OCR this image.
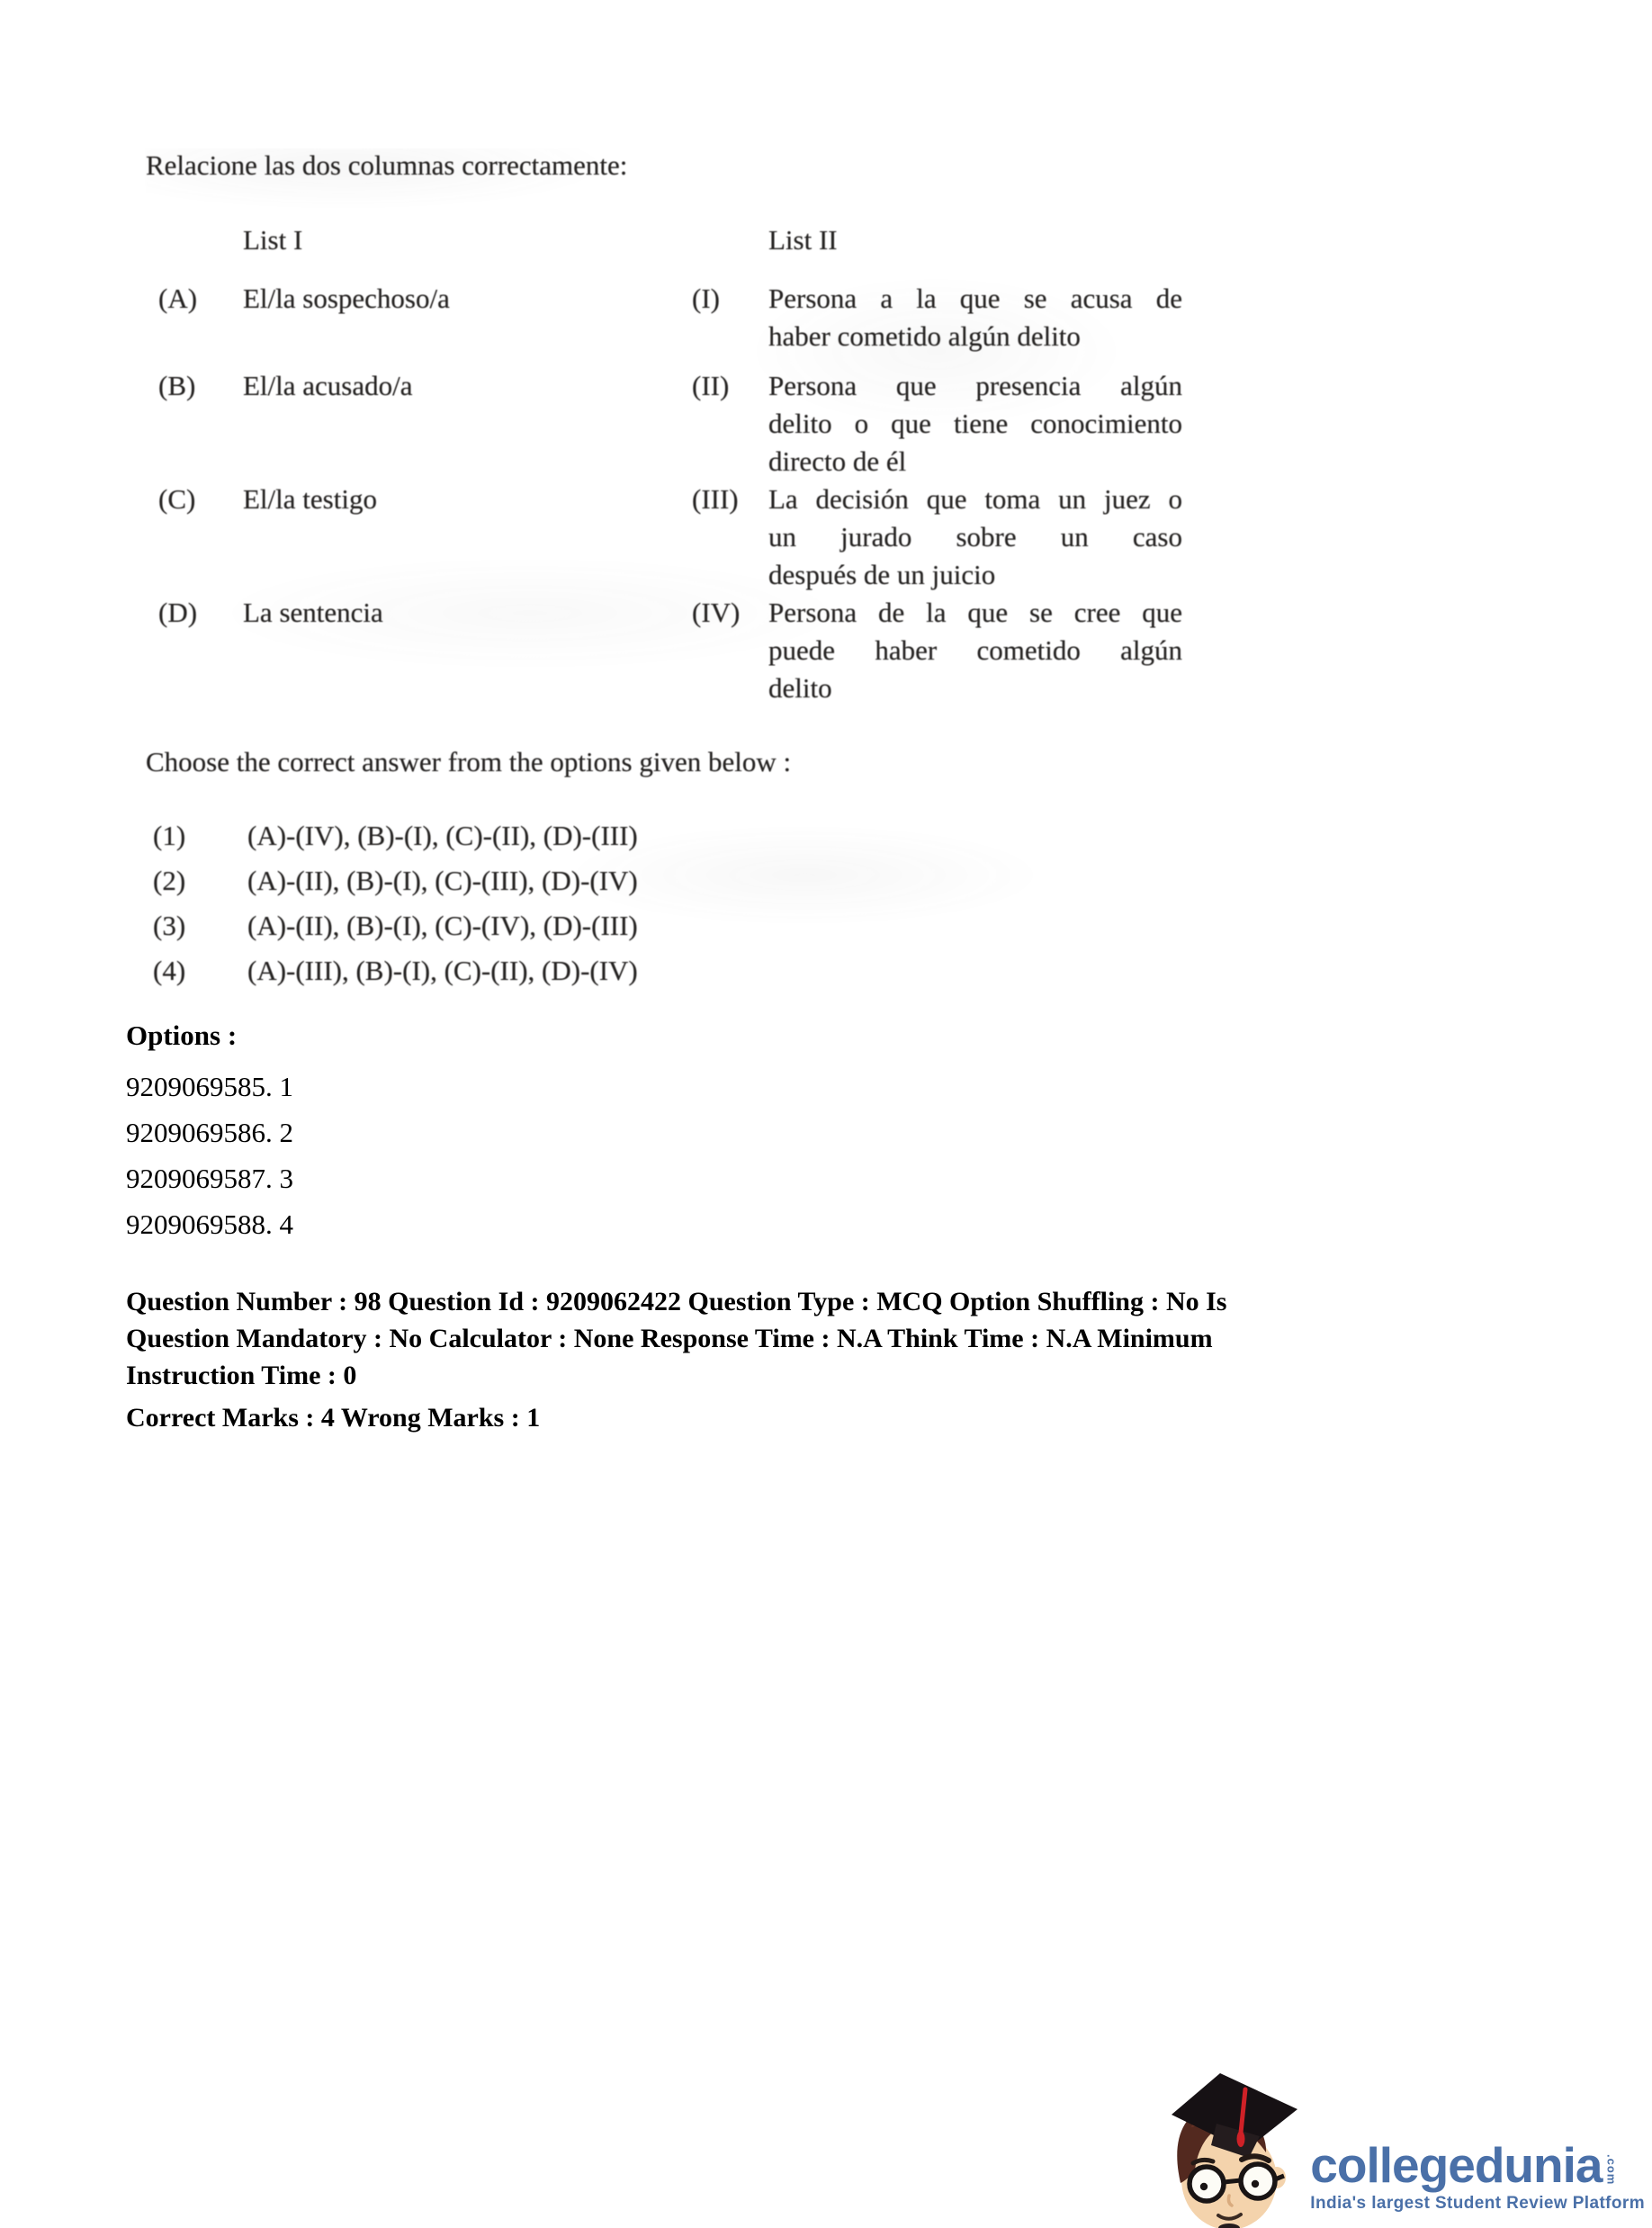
Relacione las dos columnas correctamente:
List I	List II
(A)	El/la sospechoso/a	(I)	Persona a la que se acusa de
haber cometido algún delito
(B)	El/la acusado/a	(II)	Persona que presencia algún
delito o que tiene conocimiento
directo de él
(C)	El/la testigo	(III)	La decisión que toma un juez o
un jurado sobre un caso
después de un juicio
(D)	La sentencia	(IV)	Persona de la que se cree que
puede haber cometido algún
delito
Choose the correct answer from the options given below :
(1)	(A)-(IV), (B)-(I), (C)-(II), (D)-(III)
(2)	(A)-(II), (B)-(I), (C)-(III), (D)-(IV)
(3)	(A)-(II), (B)-(I), (C)-(IV), (D)-(III)
(4)	(A)-(III), (B)-(I), (C)-(II), (D)-(IV)
Options :
9209069585. 1
9209069586. 2
9209069587. 3
9209069588. 4
Question Number : 98 Question Id : 9209062422 Question Type : MCQ Option Shuffling : No Is
Question Mandatory : No Calculator : None Response Time : N.A Think Time : N.A Minimum
Instruction Time : 0
Correct Marks : 4 Wrong Marks : 1
collegedunia .com
India's largest Student Review Platform
